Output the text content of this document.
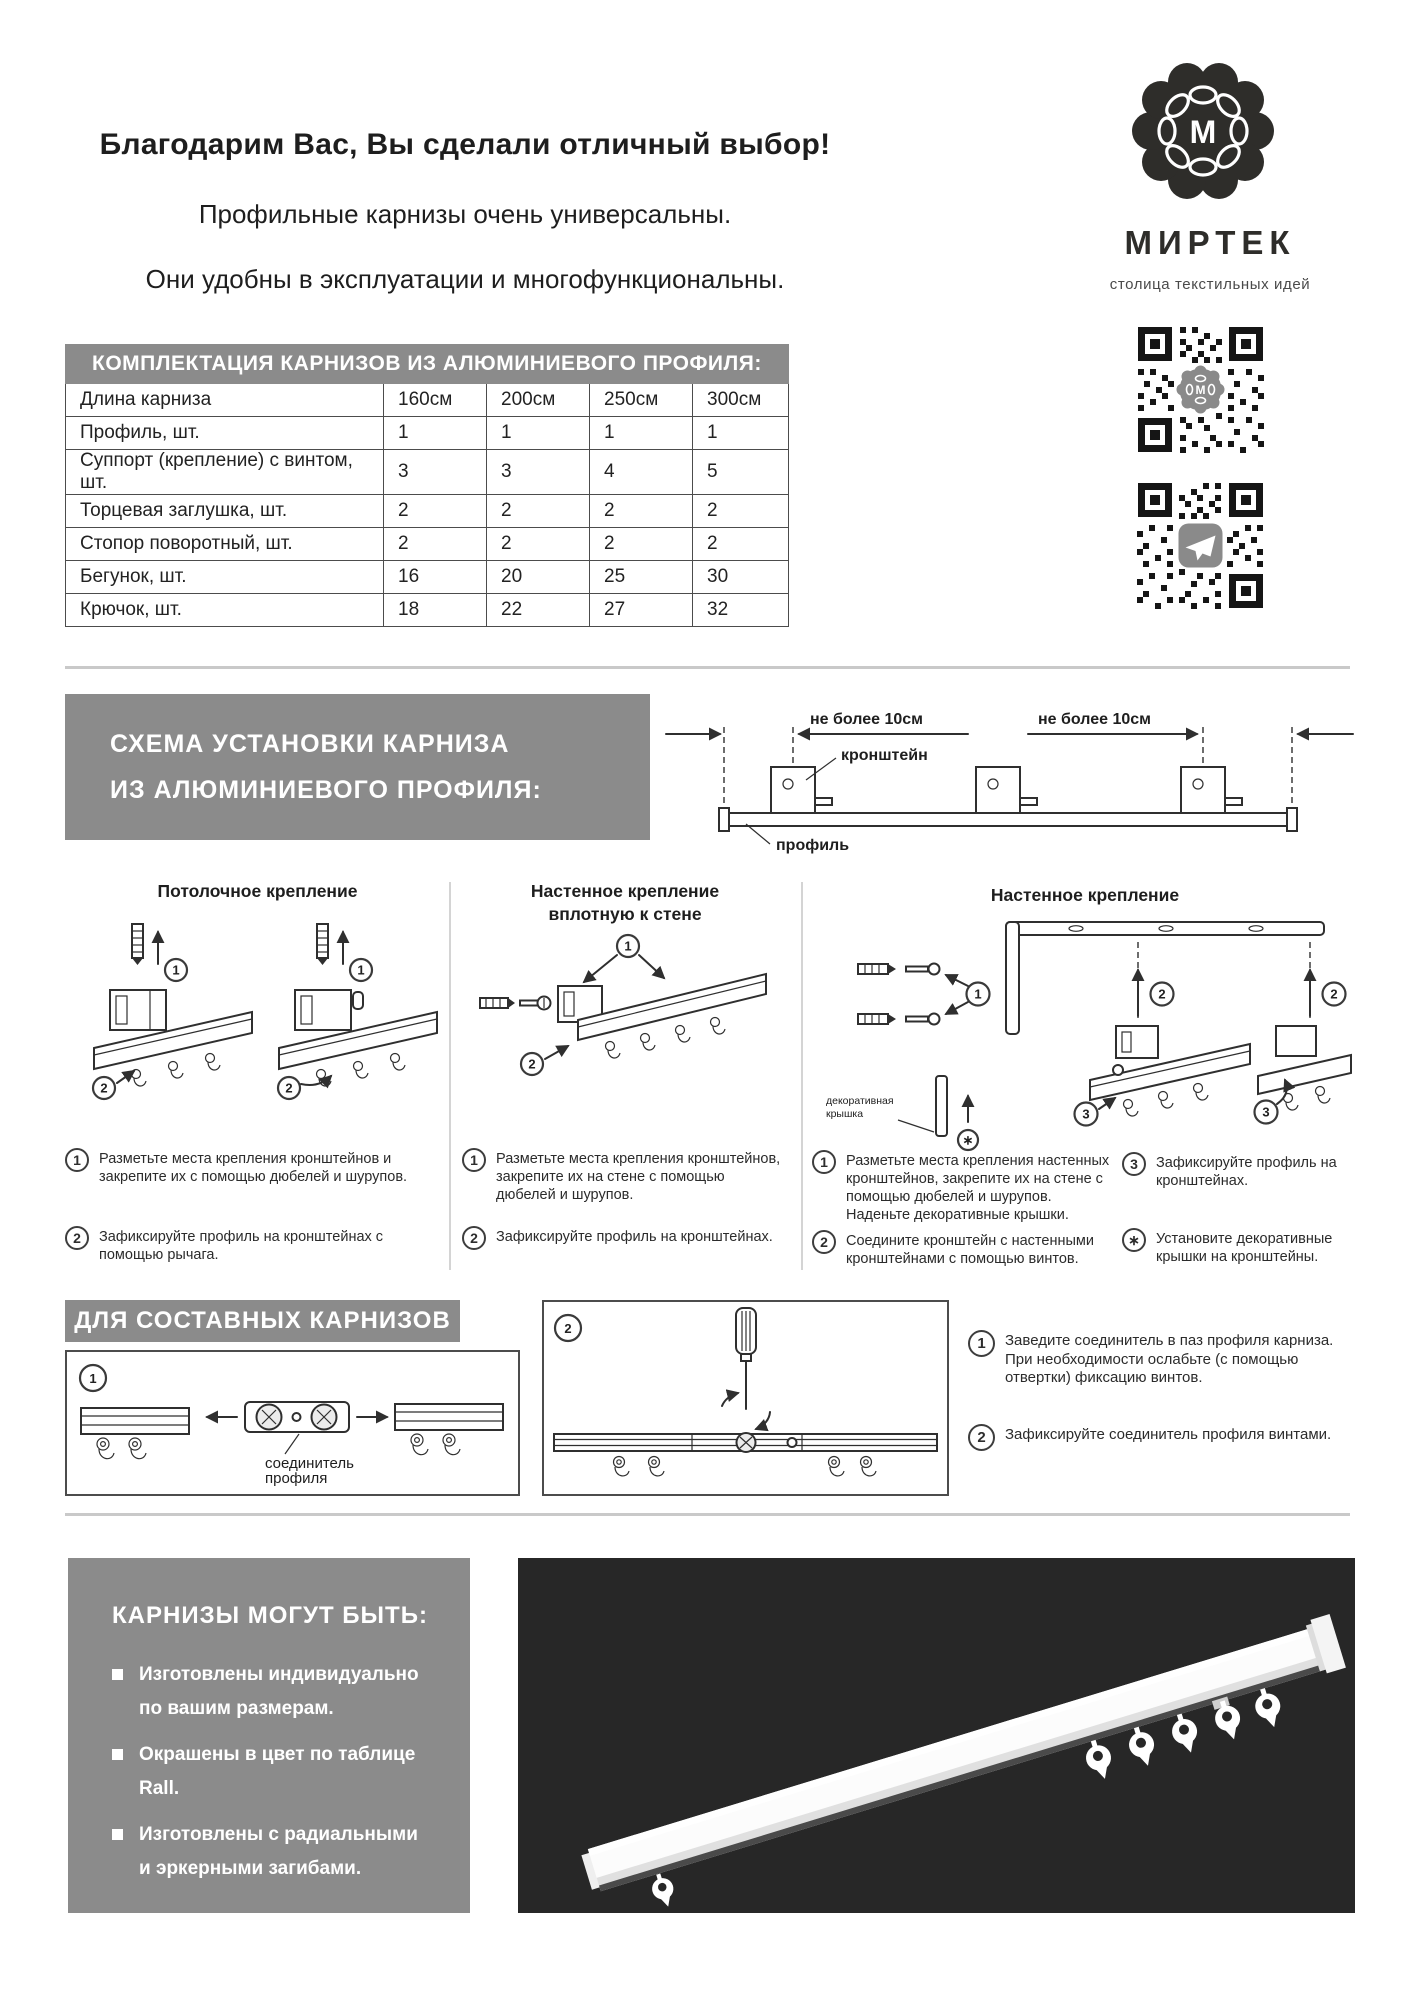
Благодарим Вас, Вы сделали отличный выбор!
Профильные карнизы очень универсальны.
Они удобны в эксплуатации и многофункциональны.
М
МИРТЕК
столица текстильных идей
М
КОМПЛЕКТАЦИЯ КАРНИЗОВ ИЗ АЛЮМИНИЕВОГО ПРОФИЛЯ:				
Длина карниза	160см	200см	250см	300см
Профиль, шт.	1	1	1	1
Суппорт (крепление) с винтом, шт.	3	3	4	5
Торцевая заглушка, шт.	2	2	2	2
Стопор поворотный, шт.	2	2	2	2
Бегунок, шт.	16	20	25	30
Крючок, шт.	18	22	27	32
СХЕМА УСТАНОВКИ КАРНИЗА
ИЗ АЛЮМИНИЕВОГО ПРОФИЛЯ:
не более 10см	не более 10см
кронштейн
профиль
Потолочное крепление	Настенное крепление
вплотную к стене
Настенное крепление
1
2
1
2
1
2
1	2	2
3	3
декоративная
крышка
∗
1	Разметьте места крепления кронштейнов и закрепите их с помощью дюбелей и шурупов.
2	Зафиксируйте профиль на кронштейнах с помощью рычага.
1	Разметьте места крепления кронштейнов, закрепите их на стене с помощью дюбелей и шурупов.
2	Зафиксируйте профиль на кронштейнах.
1	Разметьте места крепления настенных кронштейнов, закрепите их на стене с помощью дюбелей и шурупов. Наденьте декоративные крышки.
2	Соедините кронштейн с настенными кронштейнами с помощью винтов.
3	Зафиксируйте профиль на кронштейнах.
∗	Установите декоративные крышки на кронштейны.
ДЛЯ СОСТАВНЫХ КАРНИЗОВ
1
соединитель
профиля
2
1	Заведите соединитель в паз профиля карниза. При необходимости ослабьте (с помощью отвертки) фиксацию винтов.
2	Зафиксируйте соединитель профиля винтами.
КАРНИЗЫ МОГУТ БЫТЬ:
Изготовлены индивидуально по вашим размерам.
Окрашены в цвет по таблице Rall.
Изготовлены с радиальными и эркерными загибами.
